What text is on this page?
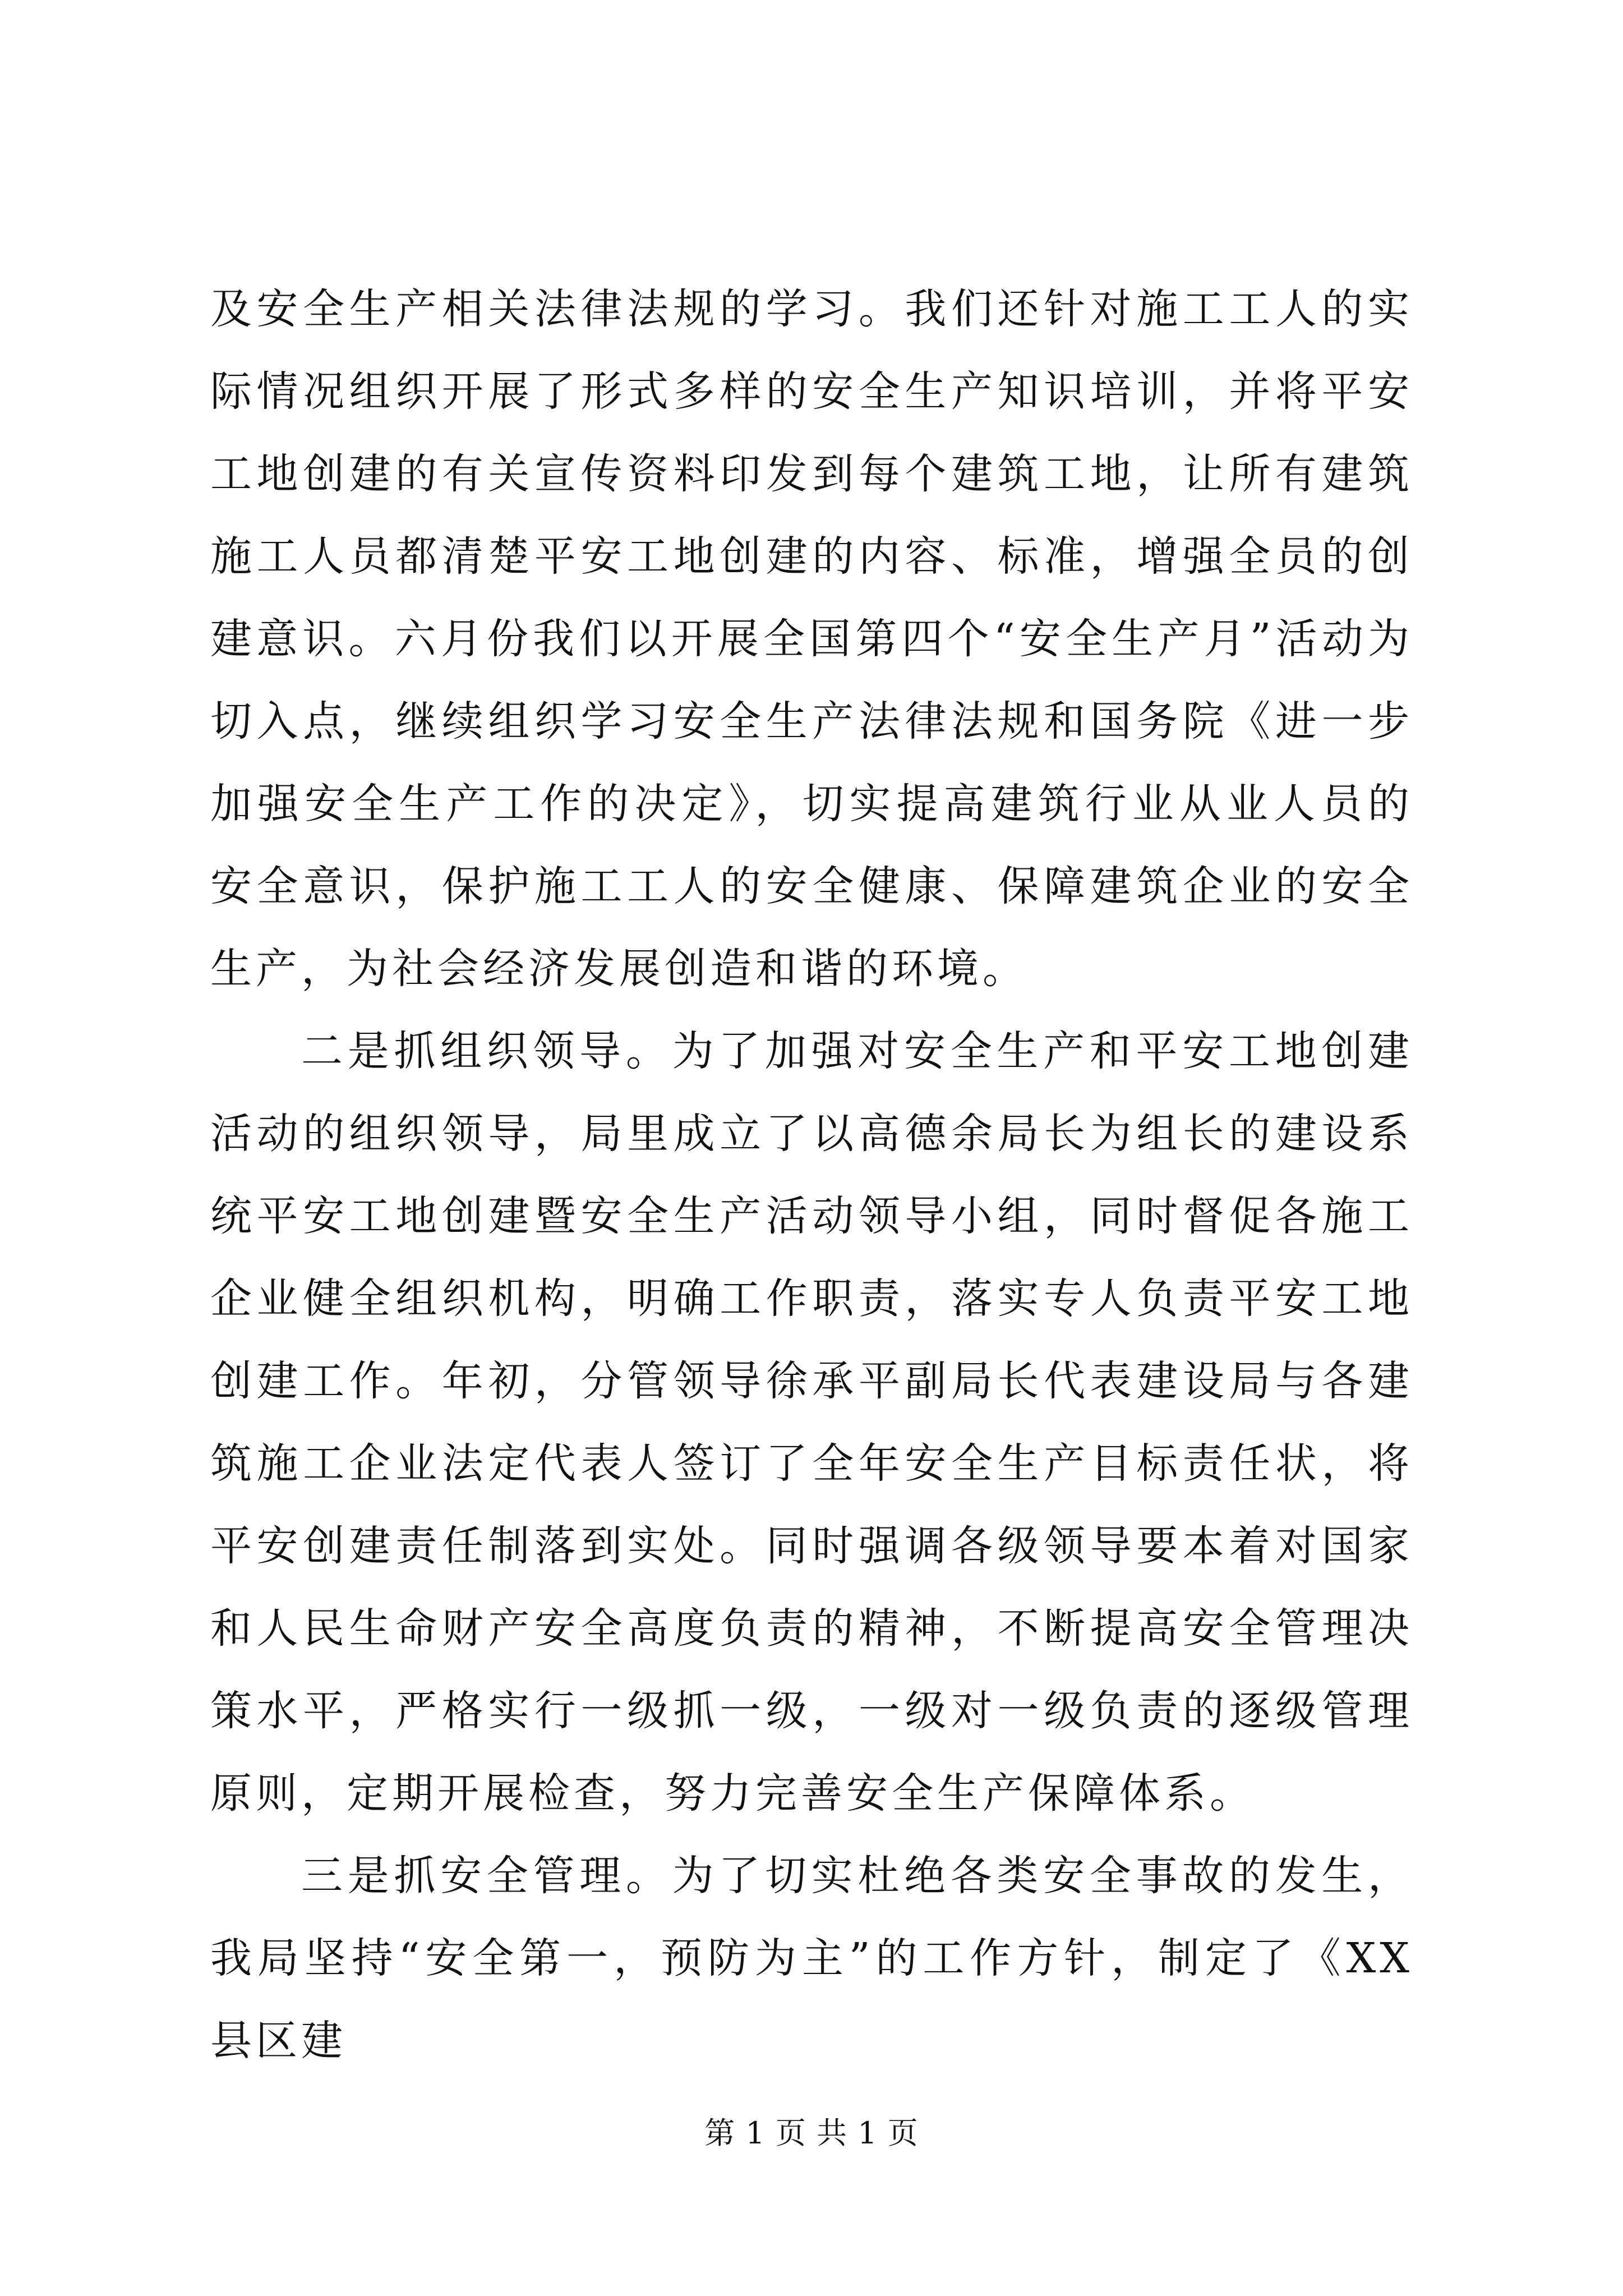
及安全生产相关法律法规的学习。我们还针对施工工人的实际情况组织开展了形式多样的安全生产知识培训，并将平安工地创建的有关宣传资料印发到每个建筑工地，让所有建筑施工人员都清楚平安工地创建的内容、标准，增强全员的创建意识。六月份我们以开展全国第四个“安全生产月”活动为切入点，继续组织学习安全生产法律法规和国务院《进一步加强安全生产工作的决定》，切实提高建筑行业从业人员的安全意识，保护施工工人的安全健康、保障建筑企业的安全生产，为社会经济发展创造和谐的环境。

二是抓组织领导。为了加强对安全生产和平安工地创建活动的组织领导，局里成立了以高德余局长为组长的建设系统平安工地创建暨安全生产活动领导小组，同时督促各施工企业健全组织机构，明确工作职责，落实专人负责平安工地创建工作。年初，分管领导徐承平副局长代表建设局与各建筑施工企业法定代表人签订了全年安全生产目标责任状，将平安创建责任制落到实处。同时强调各级领导要本着对国家和人民生命财产安全高度负责的精神，不断提高安全管理决策水平，严格实行一级抓一级，一级对一级负责的逐级管理原则，定期开展检查，努力完善安全生产保障体系。

三是抓安全管理。为了切实杜绝各类安全事故的发生，我局坚持“安全第一，预防为主”的工作方针，制定了《XX县区建

第 1 页 共 1 页
